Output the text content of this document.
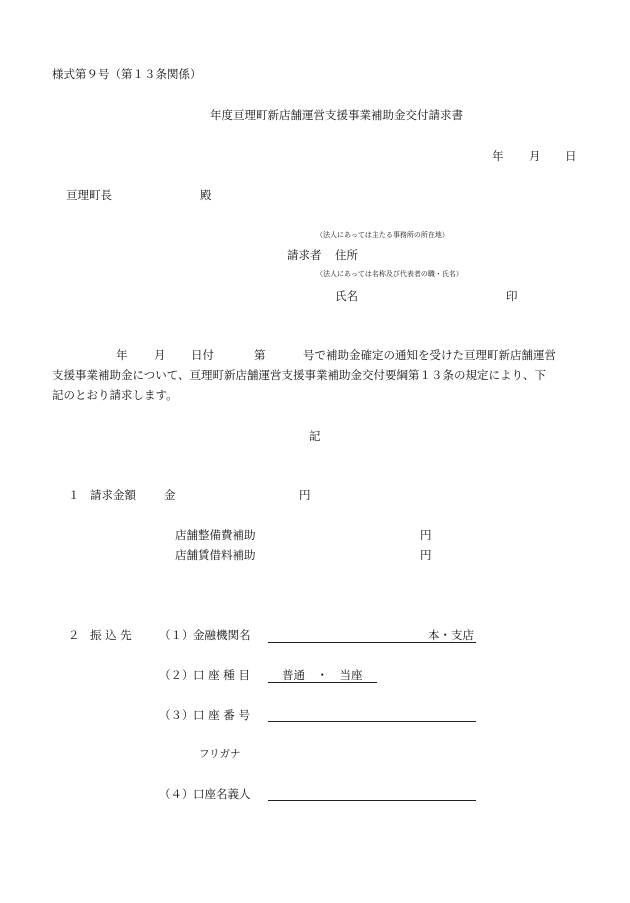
様式第９号（第１３条関係）
年度亘理町新店舗運営支援事業補助金交付請求書
年 月 日
亘理町長	殿
（法人にあっては主たる事務所の所在地）
請求者 住所
（法人にあっては名称及び代表者の職・氏名）
氏名	印
年 月 日付	第	号で補助金確定の通知を受けた亘理町新店舗運営
支援事業補助金について、亘理町新店舗運営支援事業補助金交付要綱第１３条の規定により、下
記のとおり請求します。
記
１ 請求金額 金	円
店舗整備費補助	円
店舗賃借料補助	円
２ 振 込 先 （１） 金融機関名	本・支店
（２） 口 座 種 目	普通　・　当座
（３） 口 座 番 号
フリガナ
（４） 口座名義人
